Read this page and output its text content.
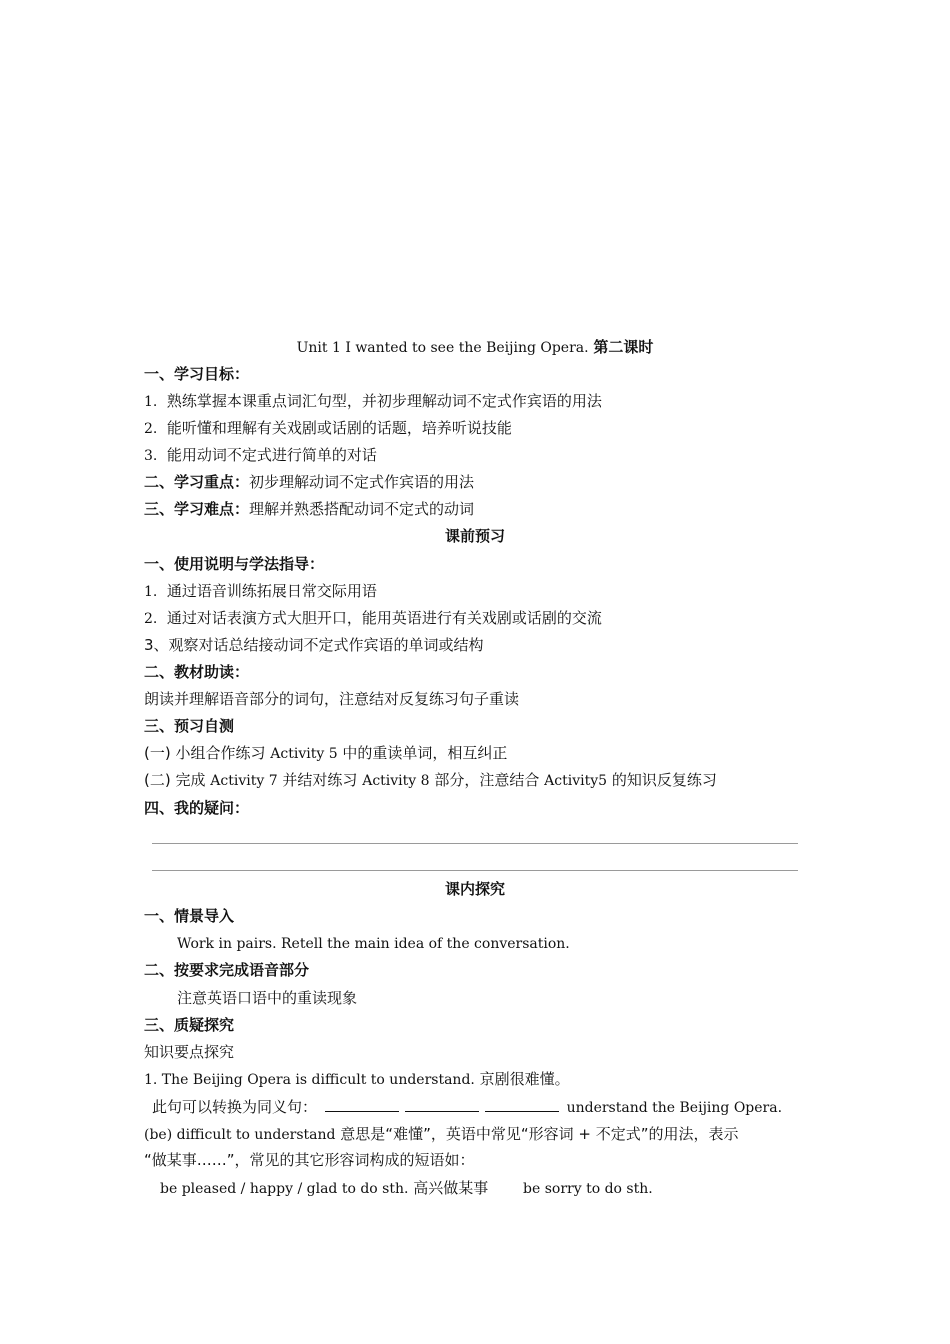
Unit 1 I wanted to see the Beijing Opera. 第二课时
一、学习目标：
1. 熟练掌握本课重点词汇句型，并初步理解动词不定式作宾语的用法
2. 能听懂和理解有关戏剧或话剧的话题，培养听说技能
3. 能用动词不定式进行简单的对话
二、学习重点：初步理解动词不定式作宾语的用法
三、学习难点：理解并熟悉搭配动词不定式的动词
课前预习
一、使用说明与学法指导：
1. 通过语音训练拓展日常交际用语
2. 通过对话表演方式大胆开口，能用英语进行有关戏剧或话剧的交流
3、观察对话总结接动词不定式作宾语的单词或结构
二、教材助读：
朗读并理解语音部分的词句，注意结对反复练习句子重读
三、预习自测
(一) 小组合作练习 Activity 5 中的重读单词，相互纠正
(二) 完成 Activity 7 并结对练习 Activity 8 部分，注意结合 Activity5 的知识反复练习
四、我的疑问：
课内探究
一、情景导入
Work in pairs. Retell the main idea of the conversation.
二、按要求完成语音部分
注意英语口语中的重读现象
三、质疑探究
知识要点探究
1. The Beijing Opera is difficult to understand. 京剧很难懂。
此句可以转换为同义句：	understand the Beijing Opera.
(be) difficult to understand 意思是“难懂”，英语中常见“形容词 + 不定式”的用法，表示
“做某事……”，常见的其它形容词构成的短语如：
be pleased / happy / glad to do sth. 高兴做某事 be sorry to do sth.
